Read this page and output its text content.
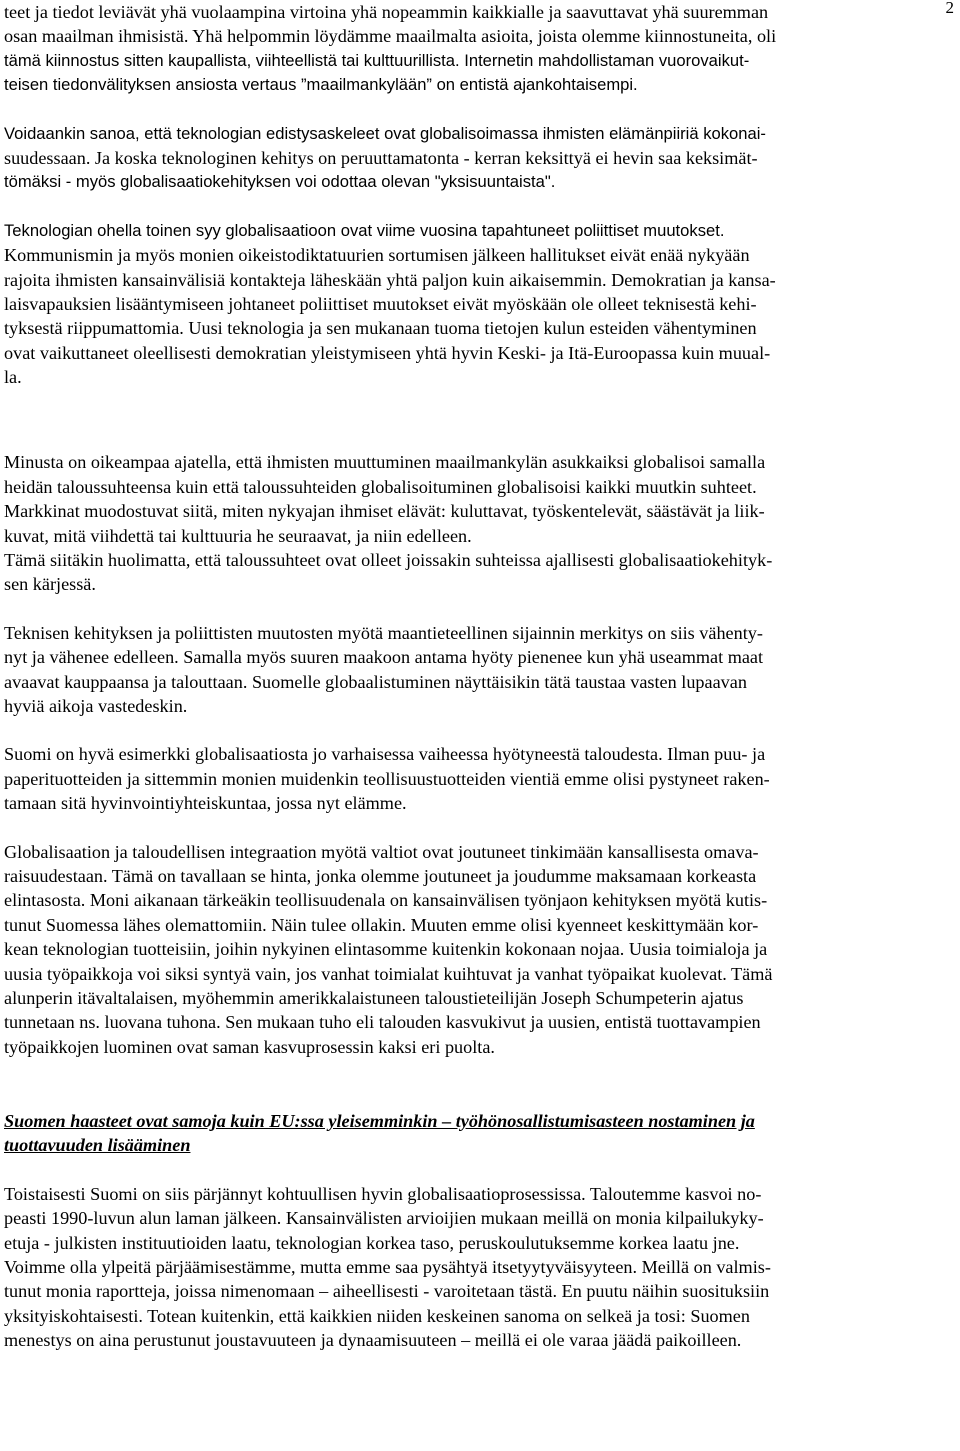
2
teet ja tiedot leviävät yhä vuolaampina virtoina yhä nopeammin kaikkialle ja saavuttavat yhä suuremman
osan maailman ihmisistä. Yhä helpommin löydämme maailmalta asioita, joista olemme kiinnostuneita, oli
tämä kiinnostus sitten kaupallista, viihteellistä tai kulttuurillista. Internetin mahdollistaman vuorovaikut-
teisen tiedonvälityksen ansiosta vertaus ”maailmankylään” on entistä ajankohtaisempi.
Voidaankin sanoa, että teknologian edistysaskeleet ovat globalisoimassa ihmisten elämänpiiriä kokonai-
suudessaan. Ja koska teknologinen kehitys on peruuttamatonta - kerran keksittyä ei hevin saa keksimät-
tömäksi - myös globalisaatiokehityksen voi odottaa olevan "yksisuuntaista".
Teknologian ohella toinen syy globalisaatioon ovat viime vuosina tapahtuneet poliittiset muutokset.
Kommunismin ja myös monien oikeistodiktatuurien sortumisen jälkeen hallitukset eivät enää nykyään
rajoita ihmisten kansainvälisiä kontakteja läheskään yhtä paljon kuin aikaisemmin. Demokratian ja kansa-
laisvapauksien lisääntymiseen johtaneet poliittiset muutokset eivät myöskään ole olleet teknisestä kehi-
tyksestä riippumattomia. Uusi teknologia ja sen mukanaan tuoma tietojen kulun esteiden vähentyminen
ovat vaikuttaneet oleellisesti demokratian yleistymiseen yhtä hyvin Keski- ja Itä-Euroopassa kuin muual-
la.
Minusta on oikeampaa ajatella, että ihmisten muuttuminen maailmankylän asukkaiksi globalisoi samalla
heidän taloussuhteensa kuin että taloussuhteiden globalisoituminen globalisoisi kaikki muutkin suhteet.
Markkinat muodostuvat siitä, miten nykyajan ihmiset elävät: kuluttavat, työskentelevät, säästävät ja liik-
kuvat, mitä viihdettä tai kulttuuria he seuraavat, ja niin edelleen.
Tämä siitäkin huolimatta, että taloussuhteet ovat olleet joissakin suhteissa ajallisesti globalisaatiokehityk-
sen kärjessä.
Teknisen kehityksen ja poliittisten muutosten myötä maantieteellinen sijainnin merkitys on siis vähenty-
nyt ja vähenee edelleen. Samalla myös suuren maakoon antama hyöty pienenee kun yhä useammat maat
avaavat kauppaansa ja talouttaan. Suomelle globaalistuminen näyttäisikin tätä taustaa vasten lupaavan
hyviä aikoja vastedeskin.
Suomi on hyvä esimerkki globalisaatiosta jo varhaisessa vaiheessa hyötyneestä taloudesta. Ilman puu- ja
paperituotteiden ja sittemmin monien muidenkin teollisuustuotteiden vientiä emme olisi pystyneet raken-
tamaan sitä hyvinvointiyhteiskuntaa, jossa nyt elämme.
Globalisaation ja taloudellisen integraation myötä valtiot ovat joutuneet tinkimään kansallisesta omava-
raisuudestaan. Tämä on tavallaan se hinta, jonka olemme joutuneet ja joudumme maksamaan korkeasta
elintasosta. Moni aikanaan tärkeäkin teollisuudenala on kansainvälisen työnjaon kehityksen myötä kutis-
tunut Suomessa lähes olemattomiin. Näin tulee ollakin. Muuten emme olisi kyenneet keskittymään kor-
kean teknologian tuotteisiin, joihin nykyinen elintasomme kuitenkin kokonaan nojaa. Uusia toimialoja ja
uusia työpaikkoja voi siksi syntyä vain, jos vanhat toimialat kuihtuvat ja vanhat työpaikat kuolevat. Tämä
alunperin itävaltalaisen, myöhemmin amerikkalaistuneen taloustieteilijän Joseph Schumpeterin ajatus
tunnetaan ns. luovana tuhona. Sen mukaan tuho eli talouden kasvukivut ja uusien, entistä tuottavampien
työpaikkojen luominen ovat saman kasvuprosessin kaksi eri puolta.
Suomen haasteet ovat samoja kuin EU:ssa yleisemminkin – työhönosallistumisasteen nostaminen ja
tuottavuuden lisääminen
Toistaisesti Suomi on siis pärjännyt kohtuullisen hyvin globalisaatioprosessissa. Taloutemme kasvoi no-
peasti 1990-luvun alun laman jälkeen. Kansainvälisten arvioijien mukaan meillä on monia kilpailukyky-
etuja - julkisten instituutioiden laatu, teknologian korkea taso, peruskoulutuksemme korkea laatu jne.
Voimme olla ylpeitä pärjäämisestämme, mutta emme saa pysähtyä itsetyytyväisyyteen. Meillä on valmis-
tunut monia raportteja, joissa nimenomaan – aiheellisesti - varoitetaan tästä. En puutu näihin suosituksiin
yksityiskohtaisesti. Totean kuitenkin, että kaikkien niiden keskeinen sanoma on selkeä ja tosi: Suomen
menestys on aina perustunut joustavuuteen ja dynaamisuuteen – meillä ei ole varaa jäädä paikoilleen.
